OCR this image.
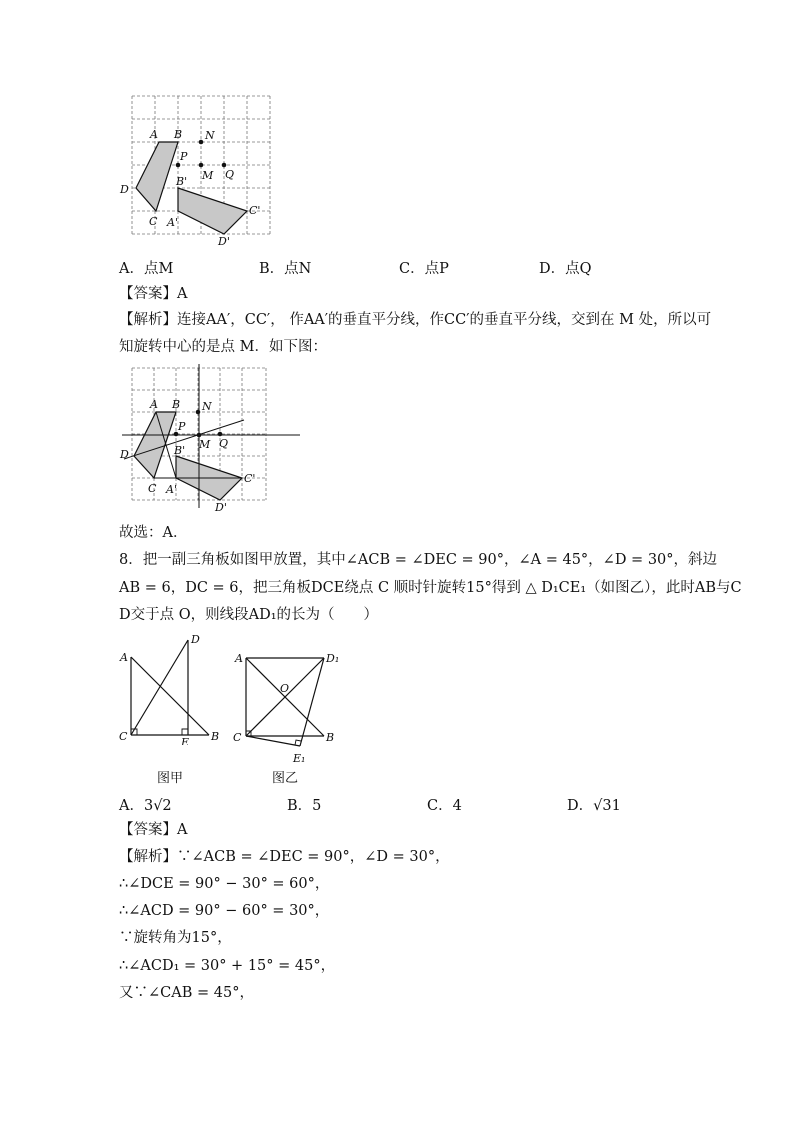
A B N
P
M Q
D
B'
C A'
C'
D'
A．点M	B．点N	C．点P	D．点Q
【答案】A
【解析】连接AA′，CC′， 作AA′的垂直平分线，作CC′的垂直平分线，交到在 M 处，所以可
知旋转中心的是点 M．如下图：
A B N
P
M Q
D	B'
C A'
C'
D'
故选：A．
8．把一副三角板如图甲放置，其中∠ACB = ∠DEC = 90°，∠A = 45°，∠D = 30°，斜边
AB = 6，DC = 6，把三角板DCE绕点 C 顺时针旋转15°得到 △ D₁CE₁（如图乙），此时AB与C
D交于点 O，则线段AD₁的长为（　　）
A
D
C	E B
A	D₁
O
C	B
E₁
图甲	图乙
A．3√2	B．5	C．4	D．√31
【答案】A
【解析】∵∠ACB = ∠DEC = 90°，∠D = 30°，
∴∠DCE = 90° − 30° = 60°，
∴∠ACD = 90° − 60° = 30°，
∵旋转角为15°，
∴∠ACD₁ = 30° + 15° = 45°，
又∵∠CAB = 45°，
